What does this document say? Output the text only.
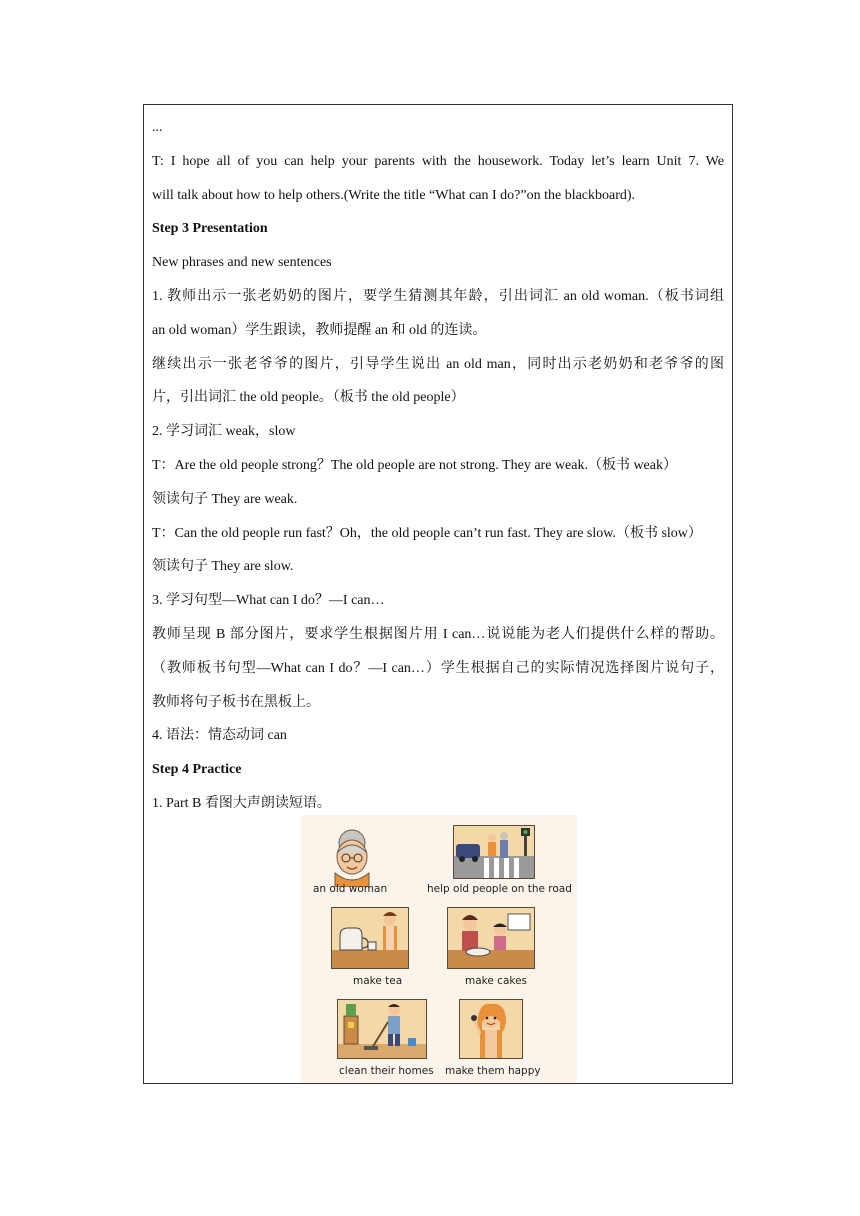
...

T: I hope all of you can help your parents with the housework. Today let’s learn Unit 7. We

will talk about how to help others.(Write the title “What can I do?”on the blackboard).

Step 3 Presentation

New phrases and new sentences

1. 教师出示一张老奶奶的图片，要学生猜测其年龄，引出词汇 an old woman.（板书词组

an old woman）学生跟读，教师提醒 an 和 old 的连读。

继续出示一张老爷爷的图片，引导学生说出 an old man，同时出示老奶奶和老爷爷的图

片，引出词汇 the old people。（板书 the old people）

2. 学习词汇 weak，slow

T：Are the old people strong？The old people are not strong. They are weak.（板书 weak）

领读句子 They are weak.

T：Can the old people run fast？Oh，the old people can’t run fast. They are slow.（板书 slow）

领读句子 They are slow.

3. 学习句型—What can I do？—I can…

教师呈现 B 部分图片，要求学生根据图片用 I can…说说能为老人们提供什么样的帮助。

（教师板书句型—What can I do？—I can…）学生根据自己的实际情况选择图片说句子，

教师将句子板书在黑板上。

4. 语法：情态动词 can

Step 4 Practice

1. Part B 看图大声朗读短语。

an old woman	help old people on the road
make tea	make cakes
clean their homes make them happy
